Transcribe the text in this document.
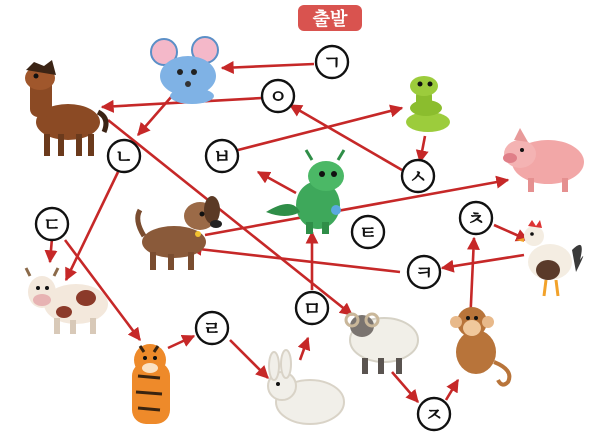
출발
ㄱ
ㅇ
ㄴ	ㅂ
ㅅ
ㄷ	ㅊ
ㅌ
ㅋ
ㅁ
ㄹ
ㅈ
